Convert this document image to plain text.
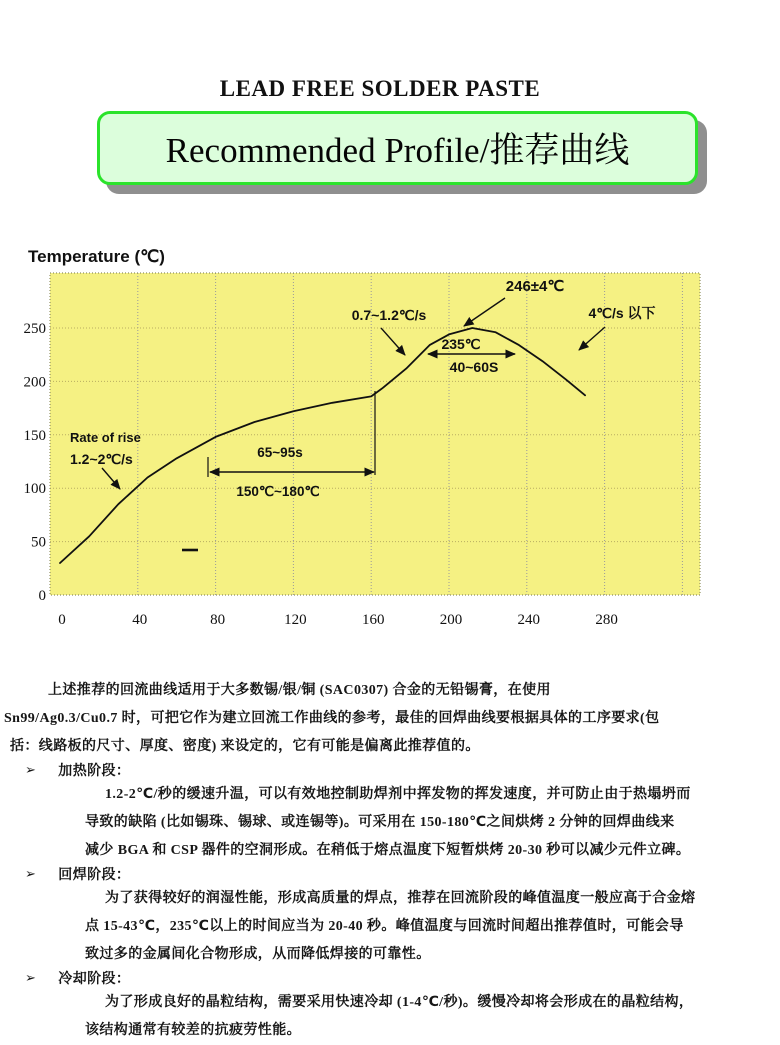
LEAD FREE SOLDER PASTE
Recommended Profile/推荐曲线
0	40	80	120	160	200	240	280
0
50
100
150
200
250
Temperature (℃)
246±4℃
0.7~1.2℃/s	4℃/s 以下
235℃
40~60S
Rate of rise
1.2~2℃/s	65~95s
150℃~180℃
上述推荐的回流曲线适用于大多数锡/银/铜 (SAC0307) 合金的无铅锡膏，在使用
Sn99/Ag0.3/Cu0.7 时，可把它作为建立回流工作曲线的参考，最佳的回焊曲线要根据具体的工序要求(包
括：线路板的尺寸、厚度、密度) 来设定的，它有可能是偏离此推荐值的。
➢ 加热阶段：
1.2-2℃/秒的缓速升温，可以有效地控制助焊剂中挥发物的挥发速度，并可防止由于热塌坍而
导致的缺陷 (比如锡珠、锡球、或连锡等)。可采用在 150-180℃之间烘烤 2 分钟的回焊曲线来
减少 BGA 和 CSP 器件的空洞形成。在稍低于熔点温度下短暂烘烤 20-30 秒可以减少元件立碑。
➢ 回焊阶段：
为了获得较好的润湿性能，形成高质量的焊点，推荐在回流阶段的峰值温度一般应高于合金熔
点 15-43℃，235℃以上的时间应当为 20-40 秒。峰值温度与回流时间超出推荐值时，可能会导
致过多的金属间化合物形成，从而降低焊接的可靠性。
➢ 冷却阶段：
为了形成良好的晶粒结构，需要采用快速冷却 (1-4℃/秒)。缓慢冷却将会形成在的晶粒结构，
该结构通常有较差的抗疲劳性能。
